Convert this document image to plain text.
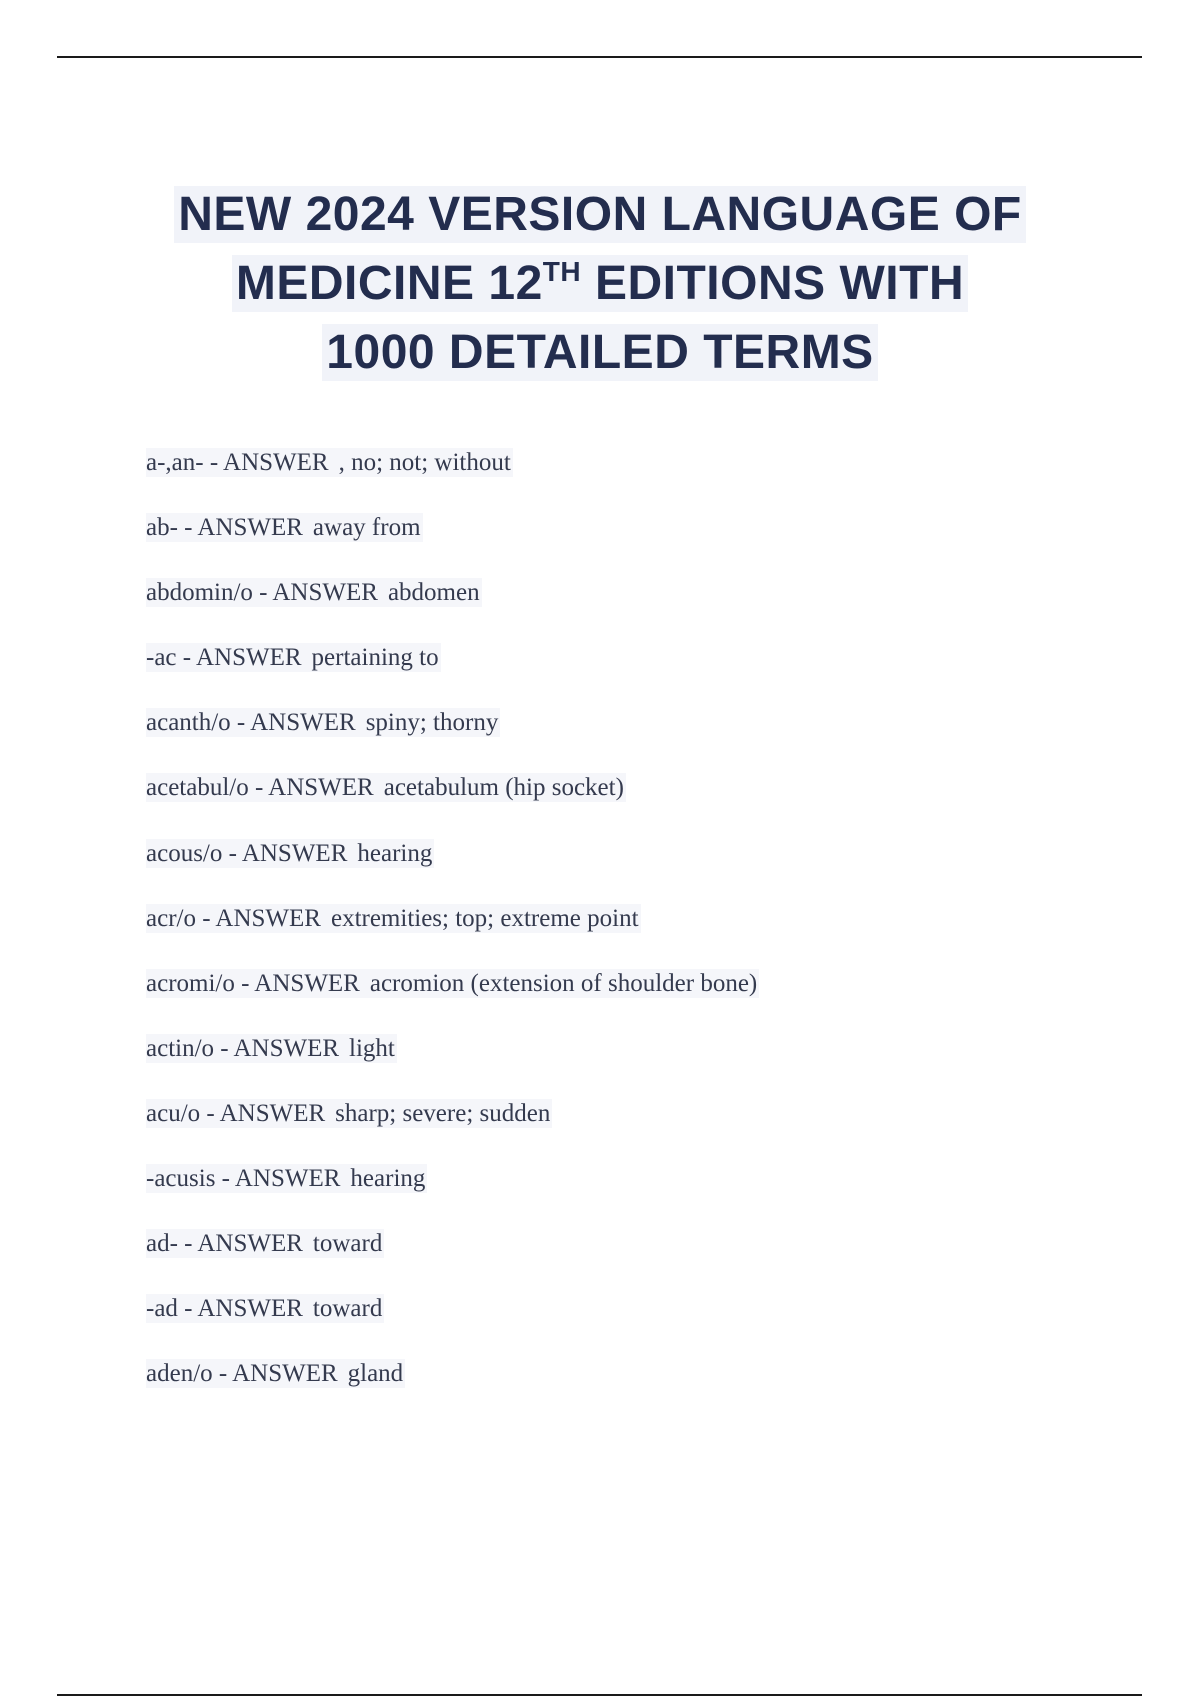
NEW 2024 VERSION LANGUAGE OF
MEDICINE 12TH EDITIONS WITH
1000 DETAILED TERMS
a-,an- - ANSWER , no; not; without
ab- - ANSWER away from
abdomin/o - ANSWER abdomen
-ac - ANSWER pertaining to
acanth/o - ANSWER spiny; thorny
acetabul/o - ANSWER acetabulum (hip socket)
acous/o - ANSWER hearing
acr/o - ANSWER extremities; top; extreme point
acromi/o - ANSWER acromion (extension of shoulder bone)
actin/o - ANSWER light
acu/o - ANSWER sharp; severe; sudden
-acusis - ANSWER hearing
ad- - ANSWER toward
-ad - ANSWER toward
aden/o - ANSWER gland
